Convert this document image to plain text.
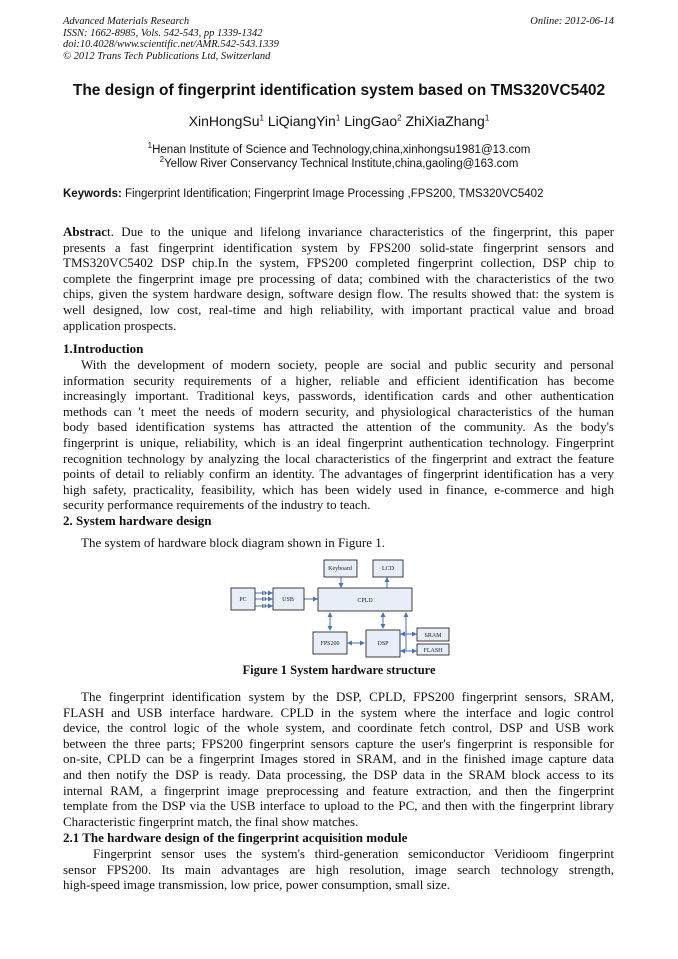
Advanced Materials Research
ISSN: 1662-8985, Vols. 542-543, pp 1339-1342
doi:10.4028/www.scientific.net/AMR.542-543.1339
© 2012 Trans Tech Publications Ltd, Switzerland
Online: 2012-06-14
The design of fingerprint identification system based on TMS320VC5402
XinHongSu$^1$ LiQiangYin$^1$ LingGao$^2$ ZhiXiaZhang$^1$
$^1$Henan Institute of Science and Technology,china,xinhongsu1981@13.com
$^2$Yellow River Conservancy Technical Institute,china,gaoling@163.com
Keywords: Fingerprint Identification; Fingerprint Image Processing ,FPS200, TMS320VC5402
Abstract. Due to the unique and lifelong invariance characteristics of the fingerprint, this paper
presents a fast fingerprint identification system by FPS200 solid-state fingerprint sensors and
TMS320VC5402 DSP chip.In the system, FPS200 completed fingerprint collection, DSP chip to
complete the fingerprint image pre processing of data; combined with the characteristics of the two
chips, given the system hardware design, software design flow. The results showed that: the system is
well designed, low cost, real-time and high reliability, with important practical value and broad
application prospects.
1.Introduction
With the development of modern society, people are social and public security and personal
information security requirements of a higher, reliable and efficient identification has become
increasingly important. Traditional keys, passwords, identification cards and other authentication
methods can 't meet the needs of modern security, and physiological characteristics of the human
body based identification systems has attracted the attention of the community. As the body's
fingerprint is unique, reliability, which is an ideal fingerprint authentication technology. Fingerprint
recognition technology by analyzing the local characteristics of the fingerprint and extract the feature
points of detail to reliably confirm an identity. The advantages of fingerprint identification has a very
high safety, practicality, feasibility, which has been widely used in finance, e-commerce and high
security performance requirements of the industry to teach.
2. System hardware design
The system of hardware block diagram shown in Figure 1.
PC	USB	CPLD
Keyboard	LCD
FPS200	DSP
SRAM
FLASH
D
D
D
Figure 1 System hardware structure
The fingerprint identification system by the DSP, CPLD, FPS200 fingerprint sensors, SRAM,
FLASH and USB interface hardware. CPLD in the system where the interface and logic control
device, the control logic of the whole system, and coordinate fetch control, DSP and USB work
between the three parts; FPS200 fingerprint sensors capture the user's fingerprint is responsible for
on-site, CPLD can be a fingerprint Images stored in SRAM, and in the finished image capture data
and then notify the DSP is ready. Data processing, the DSP data in the SRAM block access to its
internal RAM, a fingerprint image preprocessing and feature extraction, and then the fingerprint
template from the DSP via the USB interface to upload to the PC, and then with the fingerprint library
Characteristic fingerprint match, the final show matches.
2.1 The hardware design of the fingerprint acquisition module
Fingerprint sensor uses the system's third-generation semiconductor Veridioom fingerprint
sensor FPS200. Its main advantages are high resolution, image search technology strength,
high-speed image transmission, low price, power consumption, small size.
